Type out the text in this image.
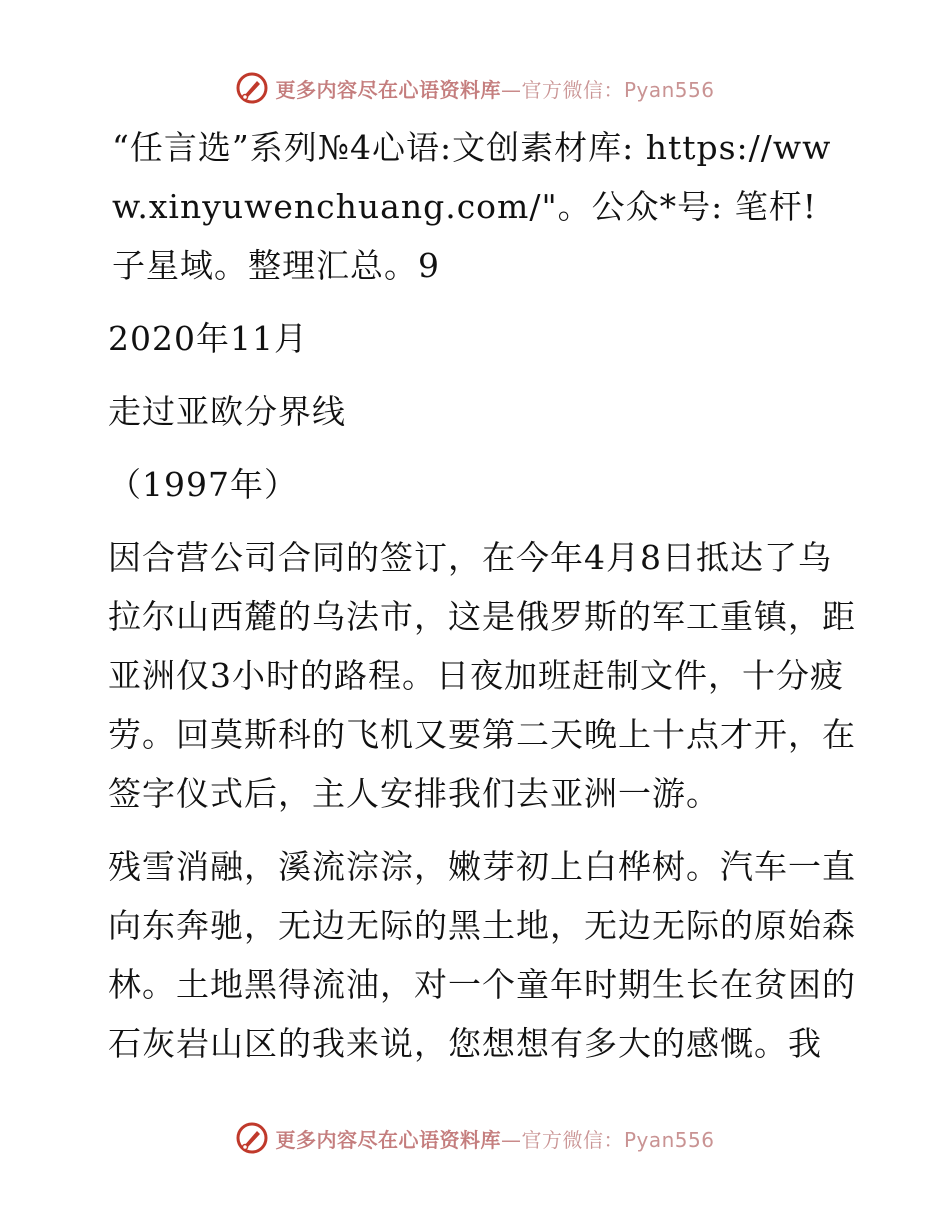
更多内容尽在心语资料库—官方微信：Pyan556

“任言选”系列№4心语:文创素材库: https://www.xinyuwenchuang.com/"。公众*号: 笔杆! 子星域。整理汇总。9

2020年11月

走过亚欧分界线

（1997年）

因合营公司合同的签订，在今年4月8日抵达了乌拉尔山西麓的乌法市，这是俄罗斯的军工重镇，距亚洲仅3小时的路程。日夜加班赶制文件，十分疲劳。回莫斯科的飞机又要第二天晚上十点才开，在签字仪式后，主人安排我们去亚洲一游。

残雪消融，溪流淙淙，嫩芽初上白桦树。汽车一直向东奔驰，无边无际的黑土地，无边无际的原始森林。土地黑得流油，对一个童年时期生长在贫困的石灰岩山区的我来说，您想想有多大的感慨。我

更多内容尽在心语资料库—官方微信：Pyan556
